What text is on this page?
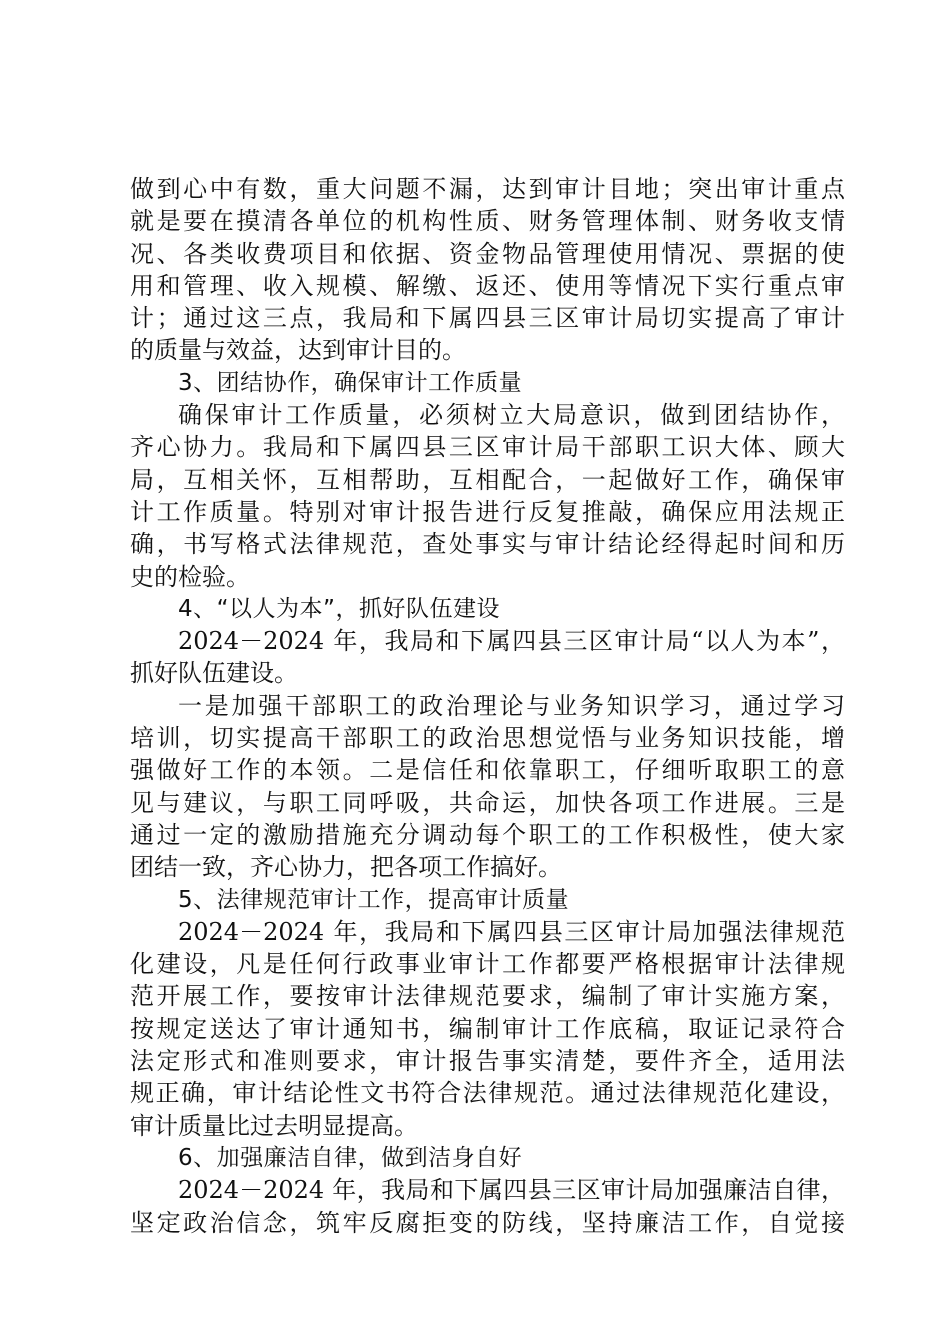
做到心中有数，重大问题不漏，达到审计目地；突出审计重点
就是要在摸清各单位的机构性质、财务管理体制、财务收支情
况、各类收费项目和依据、资金物品管理使用情况、票据的使
用和管理、收入规模、解缴、返还、使用等情况下实行重点审
计；通过这三点，我局和下属四县三区审计局切实提高了审计
的质量与效益，达到审计目的。
3、团结协作，确保审计工作质量
确保审计工作质量，必须树立大局意识，做到团结协作，
齐心协力。我局和下属四县三区审计局干部职工识大体、顾大
局，互相关怀，互相帮助，互相配合，一起做好工作，确保审
计工作质量。特别对审计报告进行反复推敲，确保应用法规正
确，书写格式法律规范，查处事实与审计结论经得起时间和历
史的检验。
4、“以人为本”，抓好队伍建设
2024－2024 年，我局和下属四县三区审计局“以人为本”，
抓好队伍建设。
一是加强干部职工的政治理论与业务知识学习，通过学习
培训，切实提高干部职工的政治思想觉悟与业务知识技能，增
强做好工作的本领。二是信任和依靠职工，仔细听取职工的意
见与建议，与职工同呼吸，共命运，加快各项工作进展。三是
通过一定的激励措施充分调动每个职工的工作积极性，使大家
团结一致，齐心协力，把各项工作搞好。
5、法律规范审计工作，提高审计质量
2024－2024 年，我局和下属四县三区审计局加强法律规范
化建设，凡是任何行政事业审计工作都要严格根据审计法律规
范开展工作，要按审计法律规范要求，编制了审计实施方案，
按规定送达了审计通知书，编制审计工作底稿，取证记录符合
法定形式和准则要求，审计报告事实清楚，要件齐全，适用法
规正确，审计结论性文书符合法律规范。通过法律规范化建设，
审计质量比过去明显提高。
6、加强廉洁自律，做到洁身自好
2024－2024 年，我局和下属四县三区审计局加强廉洁自律，
坚定政治信念，筑牢反腐拒变的防线，坚持廉洁工作，自觉接
